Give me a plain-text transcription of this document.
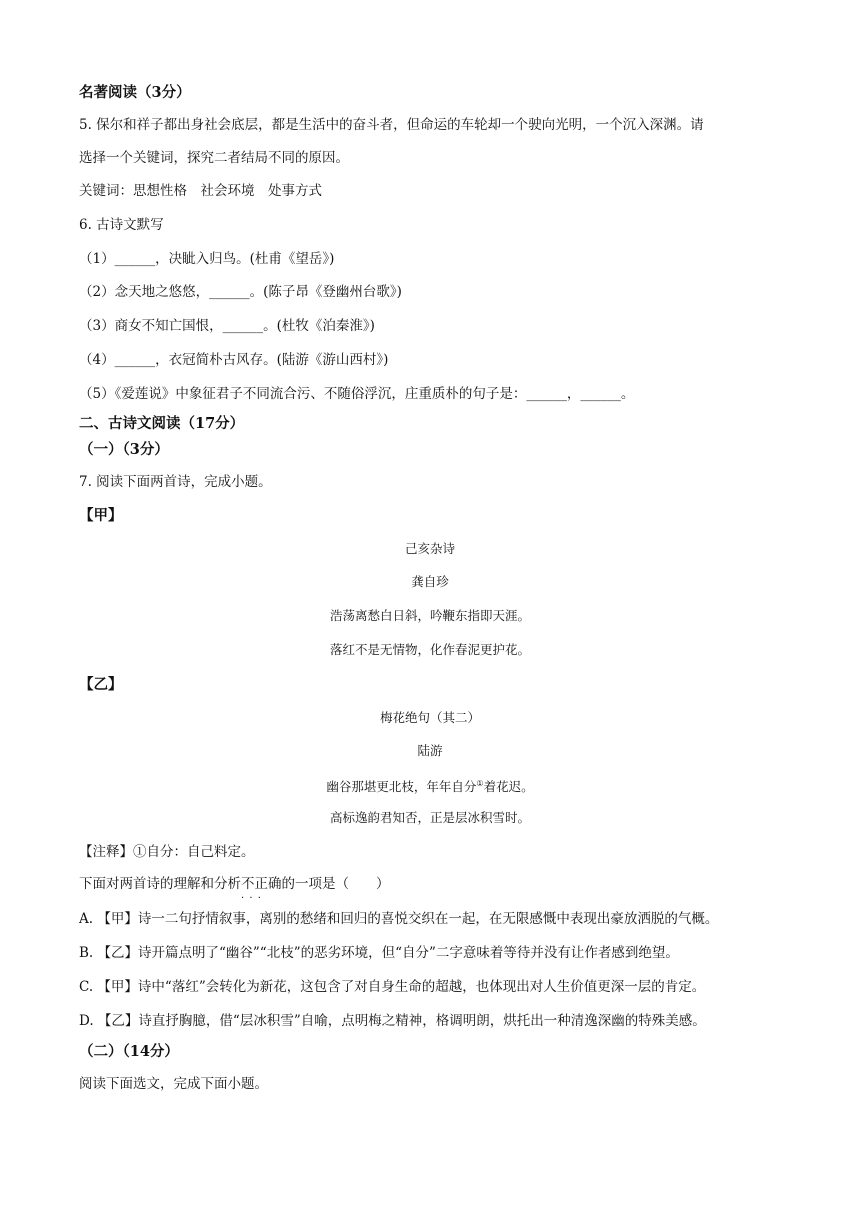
名著阅读（3分）
5. 保尔和祥子都出身社会底层，都是生活中的奋斗者，但命运的车轮却一个驶向光明，一个沉入深渊。请
选择一个关键词，探究二者结局不同的原因。
关键词：思想性格　社会环境　处事方式
6. 古诗文默写
（1）______，决眦入归鸟。(杜甫《望岳》)
（2）念天地之悠悠，______。(陈子昂《登幽州台歌》)
（3）商女不知亡国恨，______。(杜牧《泊秦淮》)
（4）______，衣冠简朴古风存。(陆游《游山西村》)
（5）《爱莲说》中象征君子不同流合污、不随俗浮沉，庄重质朴的句子是：______，______。
二、古诗文阅读（17分）
（一）（3分）
7. 阅读下面两首诗，完成小题。
【甲】
己亥杂诗
龚自珍
浩荡离愁白日斜，吟鞭东指即天涯。
落红不是无情物，化作春泥更护花。
【乙】
梅花绝句（其二）
陆游
幽谷那堪更北枝，年年自分①着花迟。
高标逸韵君知否，正是层冰积雪时。
【注释】①自分：自己料定。
下面对两首诗的理解和分析不正确 · · ·的一项是（　　）
A. 【甲】诗一二句抒情叙事，离别的愁绪和回归的喜悦交织在一起，在无限感慨中表现出豪放洒脱的气概。
B. 【乙】诗开篇点明了“幽谷”“北枝”的恶劣环境，但“自分”二字意味着等待并没有让作者感到绝望。
C. 【甲】诗中“落红”会转化为新花，这包含了对自身生命的超越，也体现出对人生价值更深一层的肯定。
D. 【乙】诗直抒胸臆，借“层冰积雪”自喻，点明梅之精神，格调明朗，烘托出一种清逸深幽的特殊美感。
（二）（14分）
阅读下面选文，完成下面小题。
